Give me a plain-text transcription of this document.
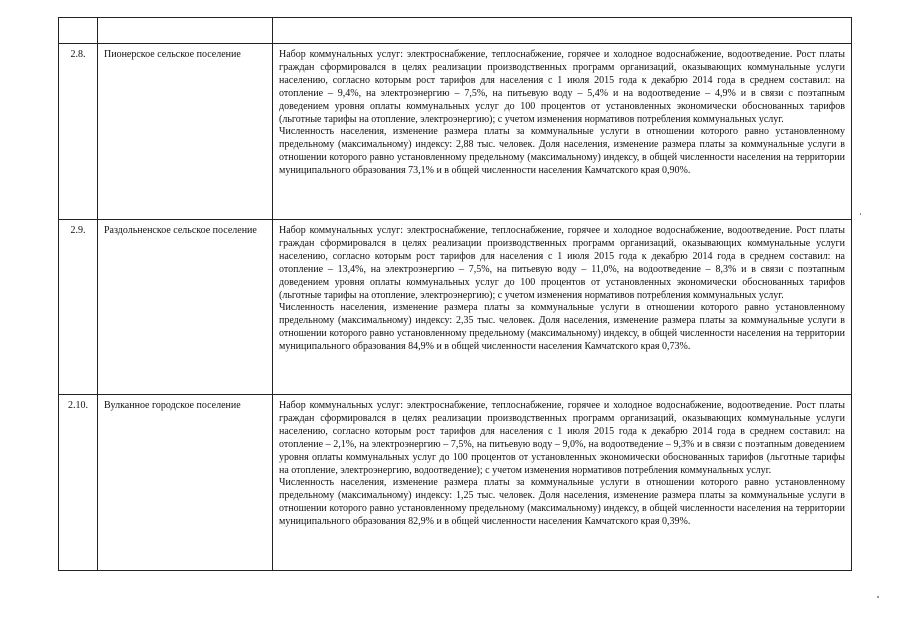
2.8.	Пионерское сельское поселение	Набор коммунальных услуг: электроснабжение, теплоснабжение, горячее и холодное водоснабжение, водоотведение. Рост платы граждан сформировался в целях реализации производственных программ организаций, оказывающих коммунальные услуги населению, согласно которым рост тарифов для населения с 1 июля 2015 года к декабрю 2014 года в среднем составил: на отопление – 9,4%, на электроэнергию – 7,5%, на питьевую воду – 5,4% и на водоотведение – 4,9% и в связи с поэтапным доведением уровня оплаты коммунальных услуг до 100 процентов от установленных экономически обоснованных тарифов (льготные тарифы на отопление, электроэнергию); с учетом изменения нормативов потребления коммунальных услуг.
Численность населения, изменение размера платы за коммунальные услуги в отношении которого равно установленному предельному (максимальному) индексу: 2,88 тыс. человек. Доля населения, изменение размера платы за коммунальные услуги в отношении которого равно установленному предельному (максимальному) индексу, в общей численности населения на территории муниципального образования 73,1% и в общей численности населения Камчатского края 0,90%.

2.9.	Раздольненское сельское поселение	Набор коммунальных услуг: электроснабжение, теплоснабжение, горячее и холодное водоснабжение, водоотведение. Рост платы граждан сформировался в целях реализации производственных программ организаций, оказывающих коммунальные услуги населению, согласно которым рост тарифов для населения с 1 июля 2015 года к декабрю 2014 года в среднем составил: на отопление – 13,4%, на электроэнергию – 7,5%, на питьевую воду – 11,0%, на водоотведение – 8,3% и в связи с поэтапным доведением уровня оплаты коммунальных услуг до 100 процентов от установленных экономически обоснованных тарифов (льготные тарифы на отопление, электроэнергию); с учетом изменения нормативов потребления коммунальных услуг.
Численность населения, изменение размера платы за коммунальные услуги в отношении которого равно установленному предельному (максимальному) индексу: 2,35 тыс. человек. Доля населения, изменение размера платы за коммунальные услуги в отношении которого равно установленному предельному (максимальному) индексу, в общей численности населения на территории муниципального образования 84,9% и в общей численности населения Камчатского края 0,73%.

2.10.	Вулканное городское поселение	Набор коммунальных услуг: электроснабжение, теплоснабжение, горячее и холодное водоснабжение, водоотведение. Рост платы граждан сформировался в целях реализации производственных программ организаций, оказывающих коммунальные услуги населению, согласно которым рост тарифов для населения с 1 июля 2015 года к декабрю 2014 года в среднем составил: на отопление – 2,1%, на электроэнергию – 7,5%, на питьевую воду – 9,0%, на водоотведение – 9,3% и в связи с поэтапным доведением уровня оплаты коммунальных услуг до 100 процентов от установленных экономически обоснованных тарифов (льготные тарифы на отопление, электроэнергию, водоотведение); с учетом изменения нормативов потребления коммунальных услуг.
Численность населения, изменение размера платы за коммунальные услуги в отношении которого равно установленному предельному (максимальному) индексу: 1,25 тыс. человек. Доля населения, изменение размера платы за коммунальные услуги в отношении которого равно установленному предельному (максимальному) индексу, в общей численности населения на территории муниципального образования 82,9% и в общей численности населения Камчатского края 0,39%.
